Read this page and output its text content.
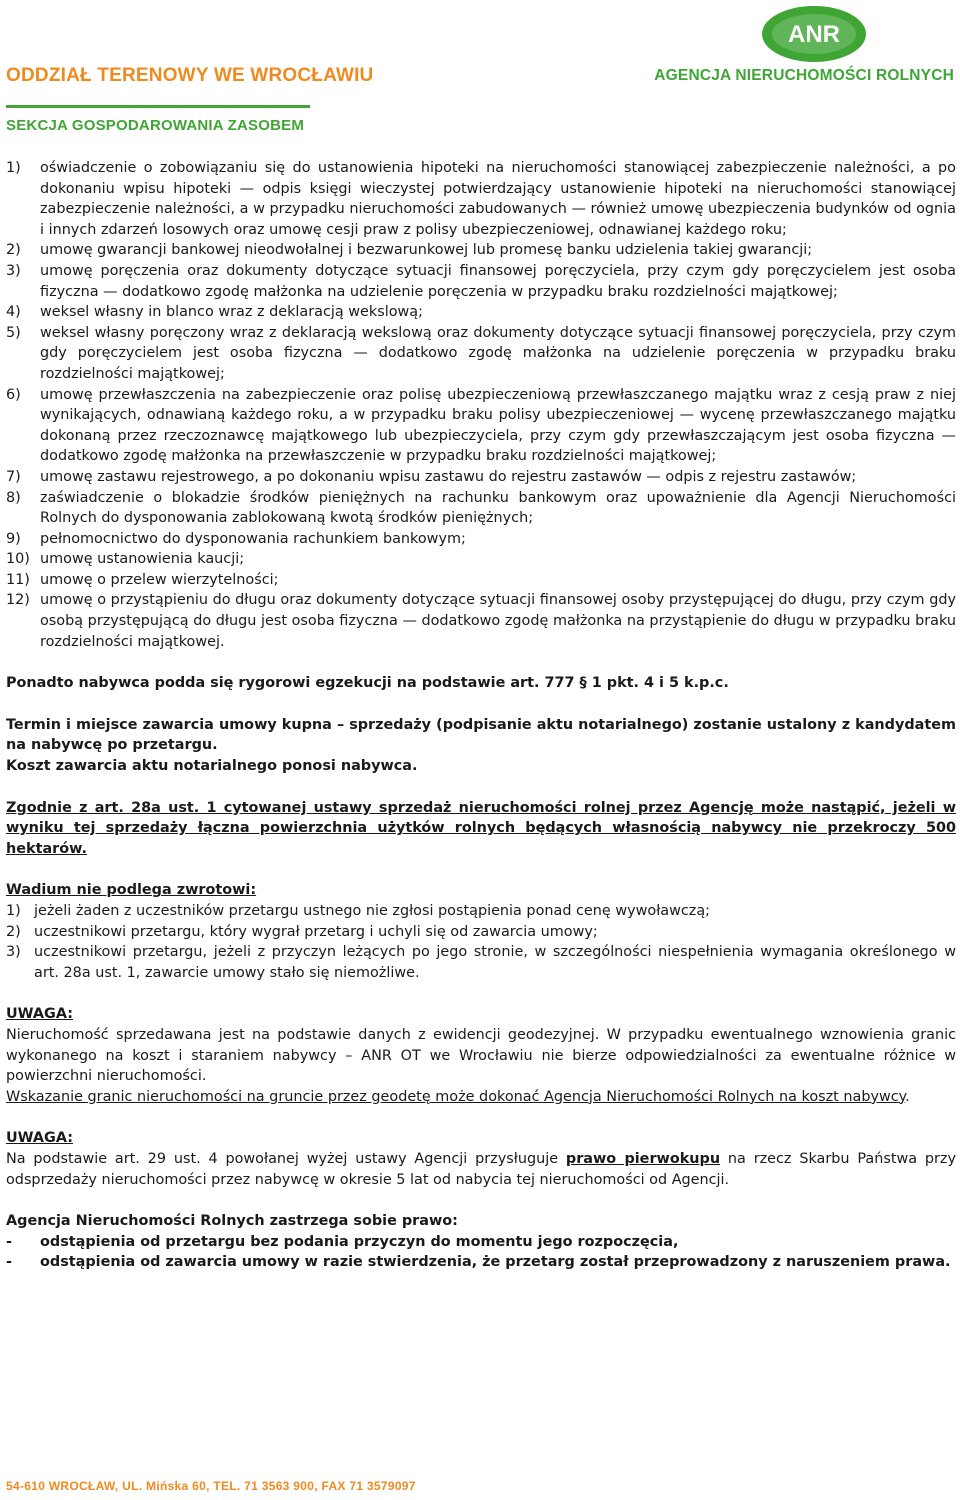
ODDZIAŁ TERENOWY WE WROCŁAWIU
SEKCJA GOSPODAROWANIA ZASOBEM
ANR
AGENCJA NIERUCHOMOŚCI ROLNYCH
1)	oświadczenie o zobowiązaniu się do ustanowienia hipoteki na nieruchomości stanowiącej zabezpieczenie należności, a po dokonaniu wpisu hipoteki — odpis księgi wieczystej potwierdzający ustanowienie hipoteki na nieruchomości stanowiącej zabezpieczenie należności, a w przypadku nieruchomości zabudowanych — również umowę ubezpieczenia budynków od ognia i innych zdarzeń losowych oraz umowę cesji praw z polisy ubezpieczeniowej, odnawianej każdego roku;
2)	umowę gwarancji bankowej nieodwołalnej i bezwarunkowej lub promesę banku udzielenia takiej gwarancji;
3)	umowę poręczenia oraz dokumenty dotyczące sytuacji finansowej poręczyciela, przy czym gdy poręczycielem jest osoba fizyczna — dodatkowo zgodę małżonka na udzielenie poręczenia w przypadku braku rozdzielności majątkowej;
4)	weksel własny in blanco wraz z deklaracją wekslową;
5)	weksel własny poręczony wraz z deklaracją wekslową oraz dokumenty dotyczące sytuacji finansowej poręczyciela, przy czym gdy poręczycielem jest osoba fizyczna — dodatkowo zgodę małżonka na udzielenie poręczenia w przypadku braku rozdzielności majątkowej;
6)	umowę przewłaszczenia na zabezpieczenie oraz polisę ubezpieczeniową przewłaszczanego majątku wraz z cesją praw z niej wynikających, odnawianą każdego roku, a w przypadku braku polisy ubezpieczeniowej — wycenę przewłaszczanego majątku dokonaną przez rzeczoznawcę majątkowego lub ubezpieczyciela, przy czym gdy przewłaszczającym jest osoba fizyczna — dodatkowo zgodę małżonka na przewłaszczenie w przypadku braku rozdzielności majątkowej;
7)	umowę zastawu rejestrowego, a po dokonaniu wpisu zastawu do rejestru zastawów — odpis z rejestru zastawów;
8)	zaświadczenie o blokadzie środków pieniężnych na rachunku bankowym oraz upoważnienie dla Agencji Nieruchomości Rolnych do dysponowania zablokowaną kwotą środków pieniężnych;
9)	pełnomocnictwo do dysponowania rachunkiem bankowym;
10) umowę ustanowienia kaucji;
11) umowę o przelew wierzytelności;
12) umowę o przystąpieniu do długu oraz dokumenty dotyczące sytuacji finansowej osoby przystępującej do długu, przy czym gdy osobą przystępującą do długu jest osoba fizyczna — dodatkowo zgodę małżonka na przystąpienie do długu w przypadku braku rozdzielności majątkowej.

Ponadto nabywca podda się rygorowi egzekucji na podstawie art. 777 § 1 pkt. 4 i 5 k.p.c.

Termin i miejsce zawarcia umowy kupna – sprzedaży (podpisanie aktu notarialnego) zostanie ustalony z kandydatem na nabywcę po przetargu.

Koszt zawarcia aktu notarialnego ponosi nabywca.

Zgodnie z art. 28a ust. 1 cytowanej ustawy sprzedaż nieruchomości rolnej przez Agencję może nastąpić, jeżeli w wyniku tej sprzedaży łączna powierzchnia użytków rolnych będących własnością nabywcy nie przekroczy 500 hektarów.

Wadium nie podlega zwrotowi:

1) jeżeli żaden z uczestników przetargu ustnego nie zgłosi postąpienia ponad cenę wywoławczą;
2) uczestnikowi przetargu, który wygrał przetarg i uchyli się od zawarcia umowy;
3) uczestnikowi przetargu, jeżeli z przyczyn leżących po jego stronie, w szczególności niespełnienia wymagania określonego w art. 28a ust. 1, zawarcie umowy stało się niemożliwe.

UWAGA:

Nieruchomość sprzedawana jest na podstawie danych z ewidencji geodezyjnej. W przypadku ewentualnego wznowienia granic wykonanego na koszt i staraniem nabywcy – ANR OT we Wrocławiu nie bierze odpowiedzialności za ewentualne różnice w powierzchni nieruchomości.

Wskazanie granic nieruchomości na gruncie przez geodetę może dokonać Agencja Nieruchomości Rolnych na koszt nabywcy.

UWAGA:

Na podstawie art. 29 ust. 4 powołanej wyżej ustawy Agencji przysługuje prawo pierwokupu na rzecz Skarbu Państwa przy odsprzedaży nieruchomości przez nabywcę w okresie 5 lat od nabycia tej nieruchomości od Agencji.

Agencja Nieruchomości Rolnych zastrzega sobie prawo:

-	odstąpienia od przetargu bez podania przyczyn do momentu jego rozpoczęcia,
-	odstąpienia od zawarcia umowy w razie stwierdzenia, że przetarg został przeprowadzony z naruszeniem prawa.
54-610 WROCŁAW, UL. Mińska 60, TEL. 71 3563 900, FAX 71 3579097
